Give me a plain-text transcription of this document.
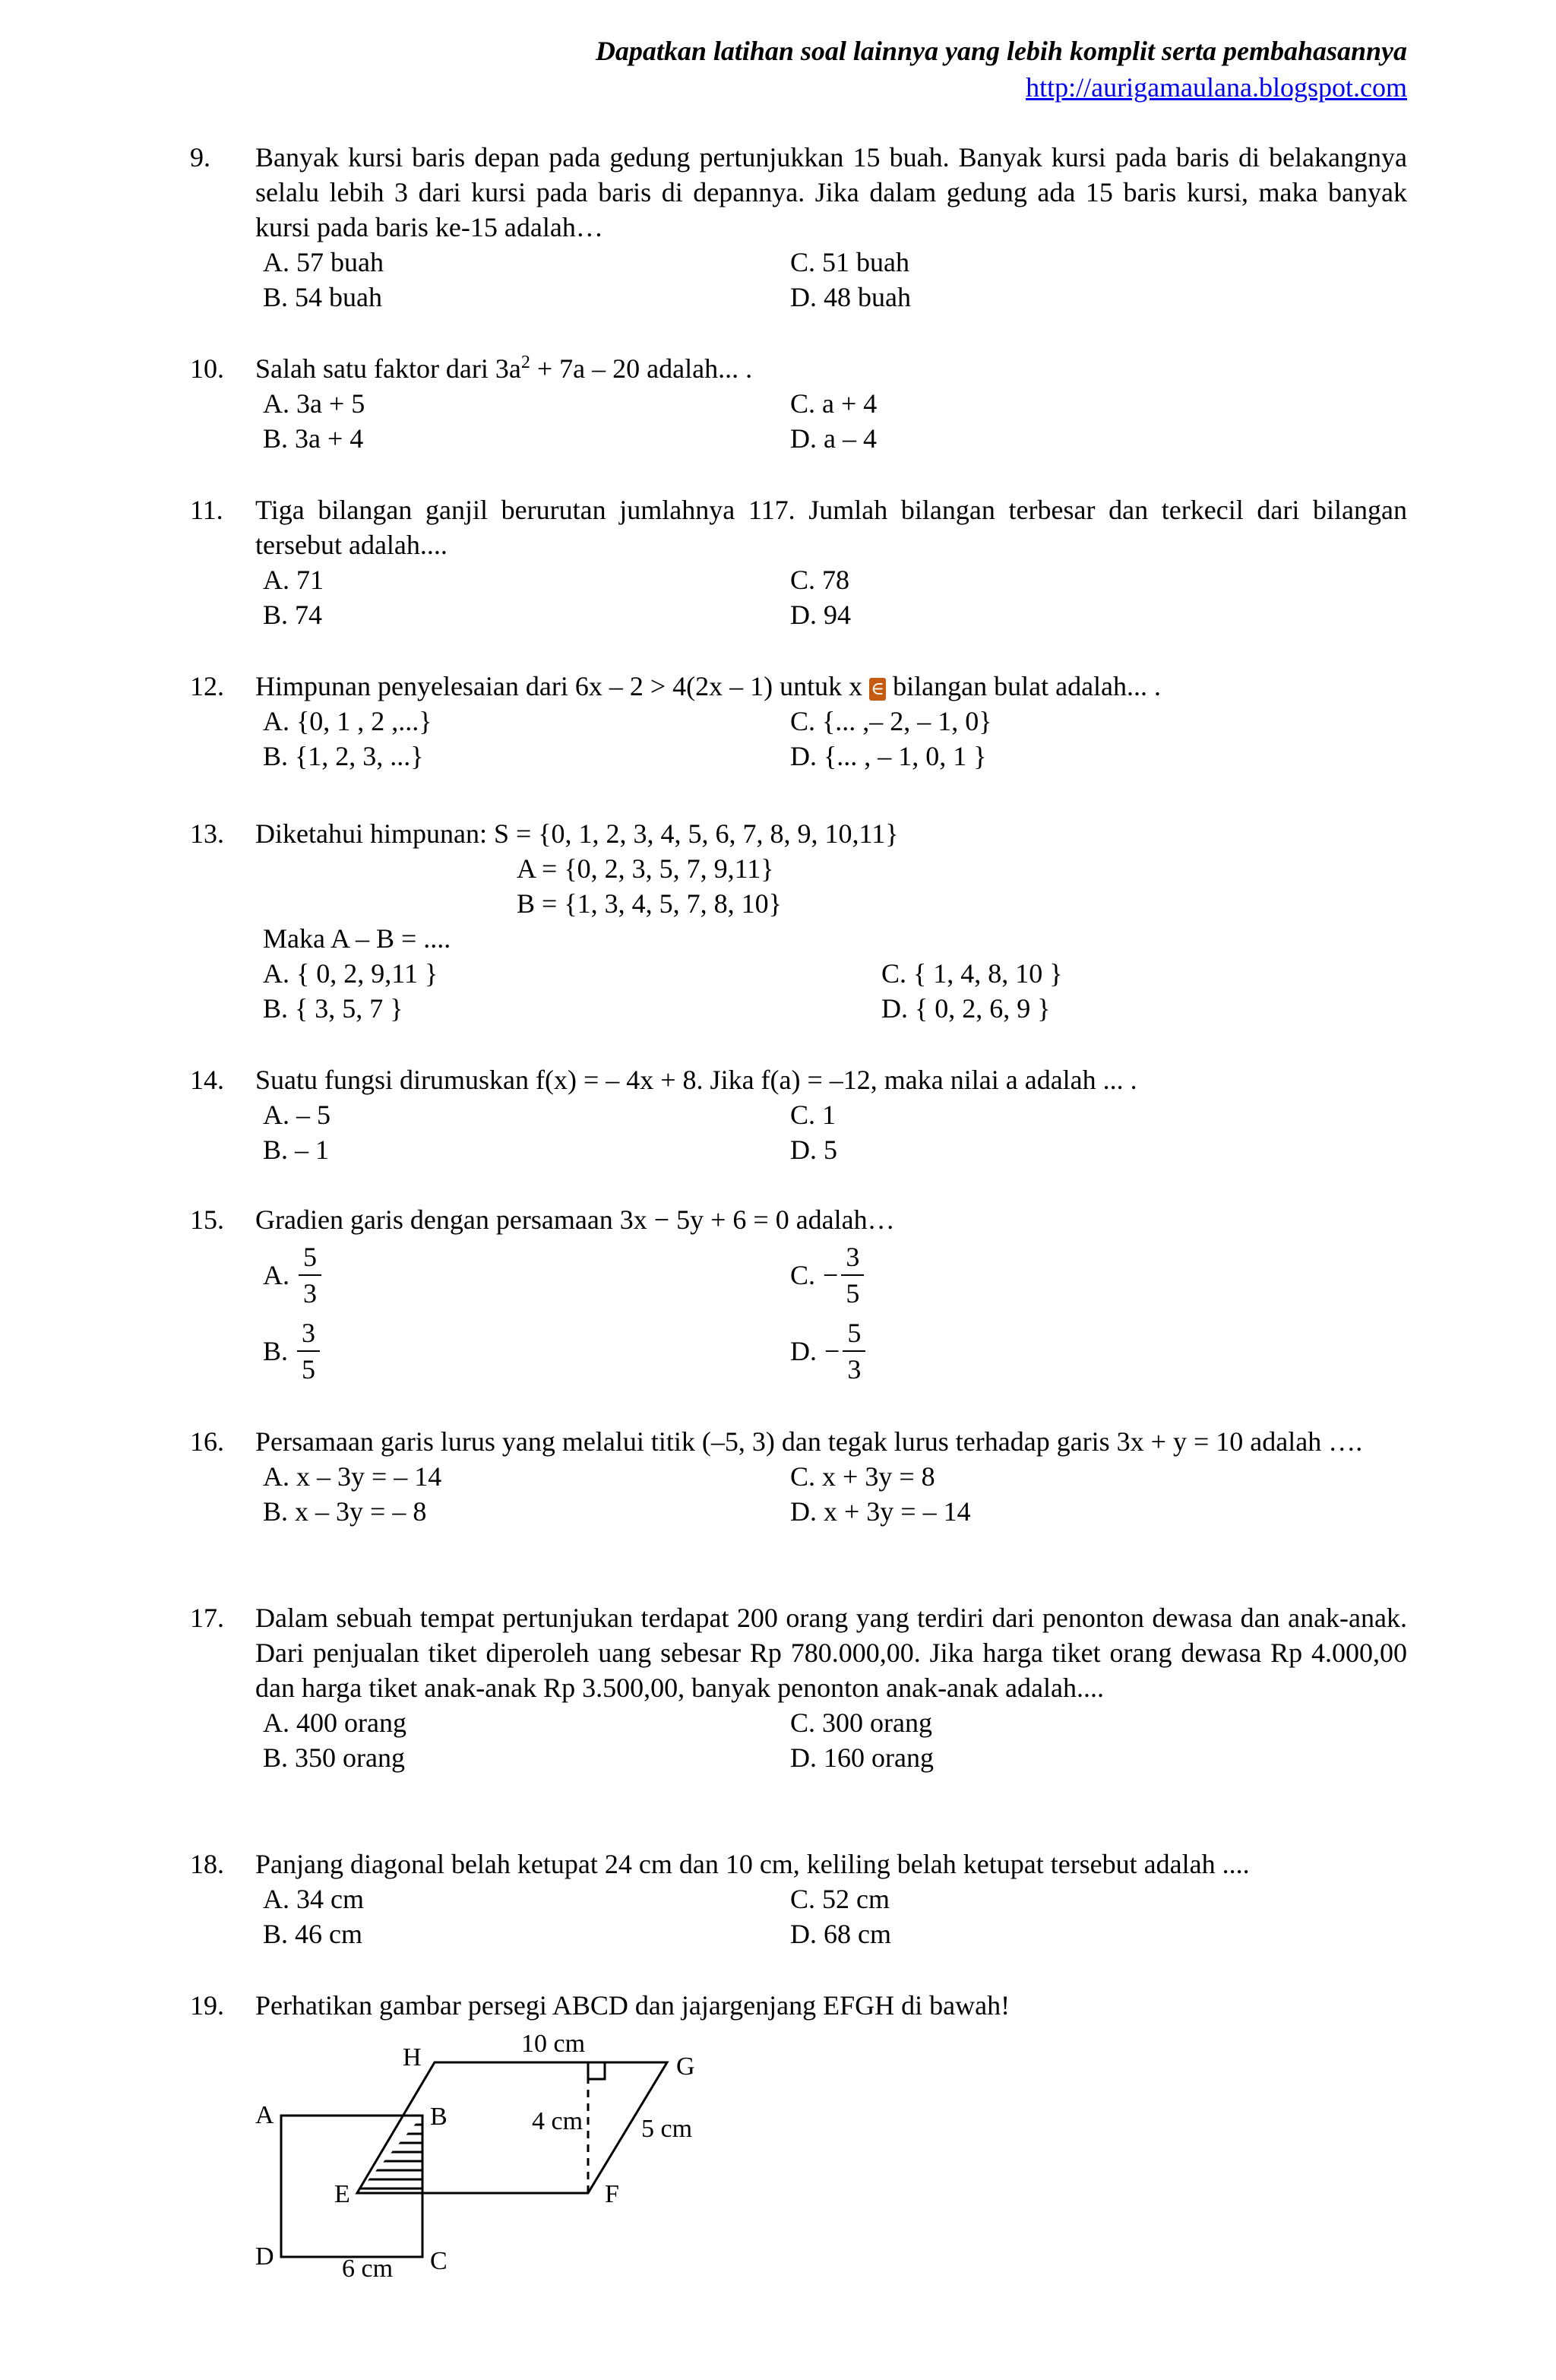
Dapatkan latihan soal lainnya yang lebih komplit serta pembahasannya
http://aurigamaulana.blogspot.com
9. Banyak kursi baris depan pada gedung pertunjukkan 15 buah. Banyak kursi pada baris di belakangnya selalu lebih 3 dari kursi pada baris di depannya. Jika dalam gedung ada 15 baris kursi, maka banyak kursi pada baris ke-15 adalah…
A. 57 buah	C. 51 buah
B. 54 buah	D. 48 buah
10. Salah satu faktor dari $3a^2 + 7a - 20$ adalah... .
A. 3a + 5	C. a + 4
B. 3a + 4	D. a – 4
11. Tiga bilangan ganjil berurutan jumlahnya 117. Jumlah bilangan terbesar dan terkecil dari bilangan tersebut adalah....
A. 71	C. 78
B. 74	D. 94
12. Himpunan penyelesaian dari 6x – 2 > 4(2x – 1) untuk x ∈ bilangan bulat adalah... .
A. {0, 1 , 2 ,...}	C. {... ,– 2, – 1, 0}
B. {1, 2, 3, ...}	D. {... , – 1, 0, 1 }
13. Diketahui himpunan: S = {0, 1, 2, 3, 4, 5, 6, 7, 8, 9, 10,11}
A = {0, 2, 3, 5, 7, 9,11}
B = {1, 3, 4, 5, 7, 8, 10}
Maka A – B = ....
A. { 0, 2, 9,11 }	C. { 1, 4, 8, 10 }
B. { 3, 5, 7 }	D. { 0, 2, 6, 9 }
14. Suatu fungsi dirumuskan f(x) = – 4x + 8. Jika f(a) = –12, maka nilai a adalah ... .
A. – 5	C. 1
B. – 1	D. 5
15. Gradien garis dengan persamaan 3x − 5y + 6 = 0 adalah…
A. $\frac{5}{3}$	C. − $\frac{3}{5}$
B. $\frac{3}{5}$	D. − $\frac{5}{3}$
16. Persamaan garis lurus yang melalui titik (–5, 3) dan tegak lurus terhadap garis 3x + y = 10 adalah ….
A. x – 3y = – 14	C. x + 3y = 8
B. x – 3y = – 8	D. x + 3y = – 14
17. Dalam sebuah tempat pertunjukan terdapat 200 orang yang terdiri dari penonton dewasa dan anak-anak. Dari penjualan tiket diperoleh uang sebesar Rp 780.000,00. Jika harga tiket orang dewasa Rp 4.000,00 dan harga tiket anak-anak Rp 3.500,00, banyak penonton anak-anak adalah....
A. 400 orang	C. 300 orang
B. 350 orang	D. 160 orang
18. Panjang diagonal belah ketupat 24 cm dan 10 cm, keliling belah ketupat tersebut adalah ....
A. 34 cm	C. 52 cm
B. 46 cm	D. 68 cm
19. Perhatikan gambar persegi ABCD dan jajargenjang EFGH di bawah!
A	B
C
D
E	F
G
H	10 cm
4 cm 5 cm
6 cm
